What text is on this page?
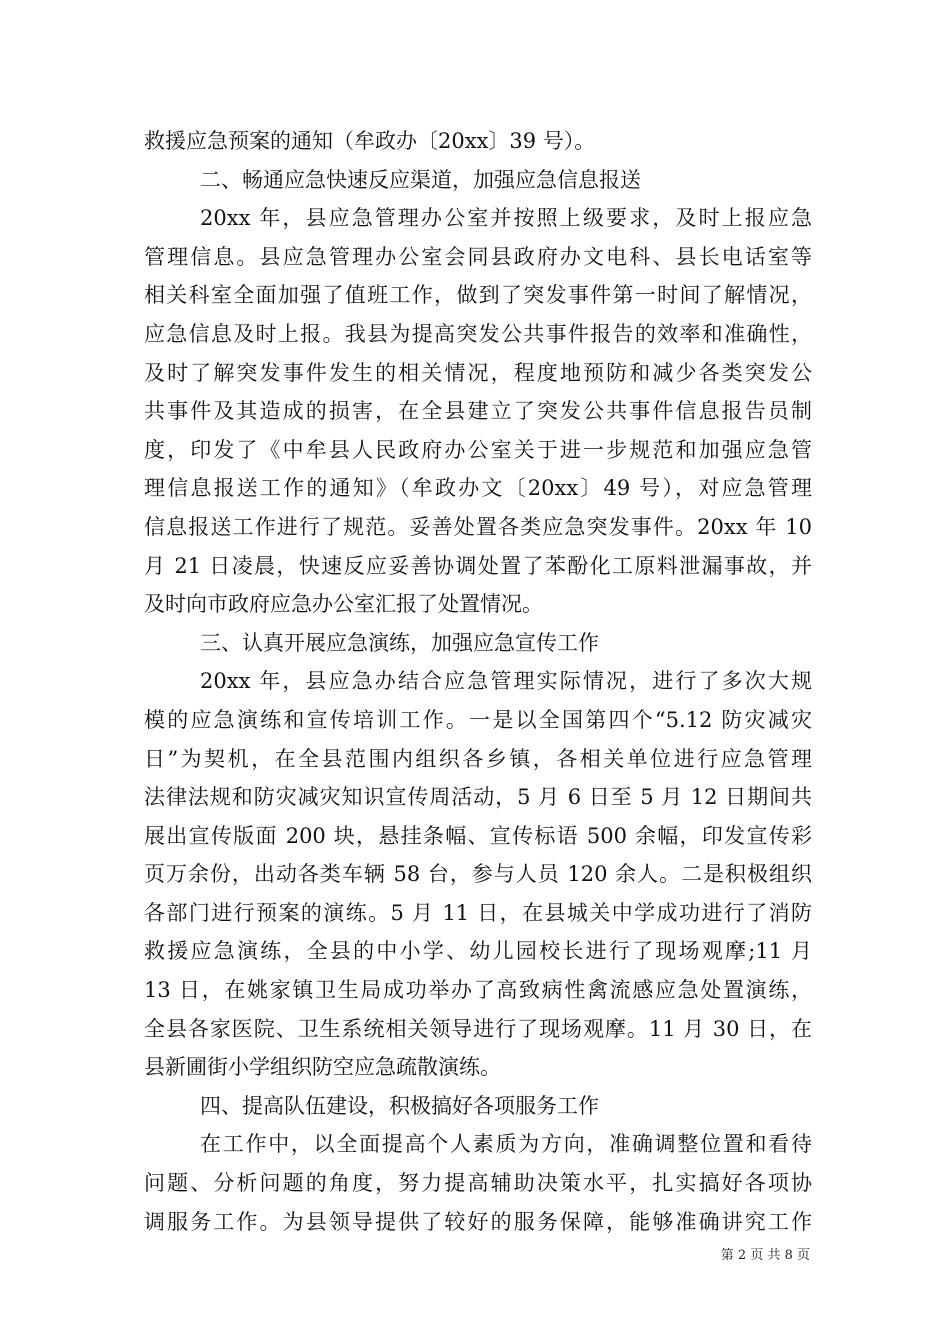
救援应急预案的通知（牟政办〔20xx〕39 号）。
二、畅通应急快速反应渠道，加强应急信息报送
20xx 年，县应急管理办公室并按照上级要求，及时上报应急
管理信息。县应急管理办公室会同县政府办文电科、县长电话室等
相关科室全面加强了值班工作，做到了突发事件第一时间了解情况，
应急信息及时上报。我县为提高突发公共事件报告的效率和准确性，
及时了解突发事件发生的相关情况，程度地预防和减少各类突发公
共事件及其造成的损害，在全县建立了突发公共事件信息报告员制
度，印发了《中牟县人民政府办公室关于进一步规范和加强应急管
理信息报送工作的通知》（牟政办文〔20xx〕49 号），对应急管理
信息报送工作进行了规范。妥善处置各类应急突发事件。20xx 年 10
月 21 日凌晨，快速反应妥善协调处置了苯酚化工原料泄漏事故，并
及时向市政府应急办公室汇报了处置情况。
三、认真开展应急演练，加强应急宣传工作
20xx 年，县应急办结合应急管理实际情况，进行了多次大规
模的应急演练和宣传培训工作。一是以全国第四个“5.12 防灾减灾
日”为契机，在全县范围内组织各乡镇，各相关单位进行应急管理
法律法规和防灾减灾知识宣传周活动，5 月 6 日至 5 月 12 日期间共
展出宣传版面 200 块，悬挂条幅、宣传标语 500 余幅，印发宣传彩
页万余份，出动各类车辆 58 台，参与人员 120 余人。二是积极组织
各部门进行预案的演练。5 月 11 日，在县城关中学成功进行了消防
救援应急演练，全县的中小学、幼儿园校长进行了现场观摩;11 月
13 日，在姚家镇卫生局成功举办了高致病性禽流感应急处置演练，
全县各家医院、卫生系统相关领导进行了现场观摩。11 月 30 日，在
县新圃街小学组织防空应急疏散演练。
四、提高队伍建设，积极搞好各项服务工作
在工作中，以全面提高个人素质为方向，准确调整位置和看待
问题、分析问题的角度，努力提高辅助决策水平，扎实搞好各项协
调服务工作。为县领导提供了较好的服务保障，能够准确讲究工作
第 2 页 共 8 页
